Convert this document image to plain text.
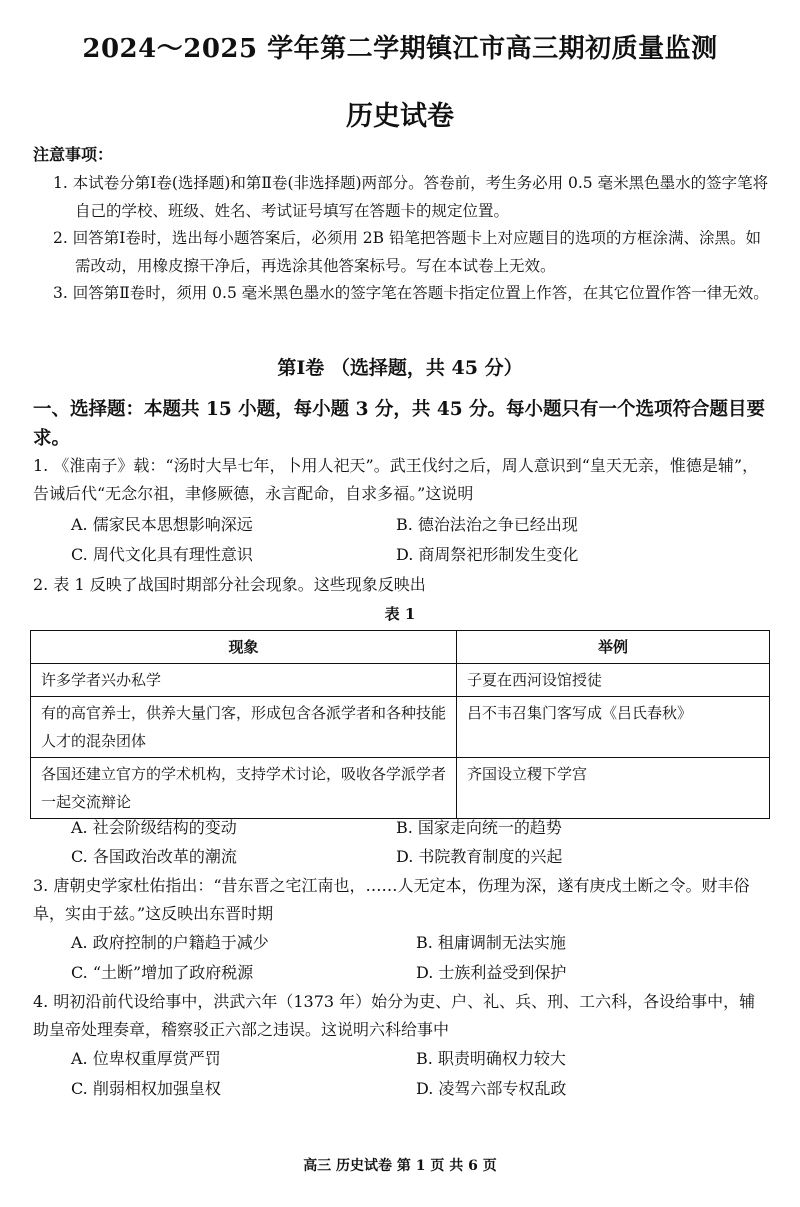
2024～2025 学年第二学期镇江市高三期初质量监测
历史试卷
注意事项：
1. 本试卷分第Ⅰ卷(选择题)和第Ⅱ卷(非选择题)两部分。答卷前，考生务必用 0.5 毫米黑色墨水的签字笔将自己的学校、班级、姓名、考试证号填写在答题卡的规定位置。
2. 回答第Ⅰ卷时，选出每小题答案后，必须用 2B 铅笔把答题卡上对应题目的选项的方框涂满、涂黑。如需改动，用橡皮擦干净后，再选涂其他答案标号。写在本试卷上无效。
3. 回答第Ⅱ卷时，须用 0.5 毫米黑色墨水的签字笔在答题卡指定位置上作答，在其它位置作答一律无效。
第Ⅰ卷 （选择题，共 45 分）
一、选择题：本题共 15 小题，每小题 3 分，共 45 分。每小题只有一个选项符合题目要求。
1. 《淮南子》载：“汤时大旱七年，卜用人祀天”。武王伐纣之后，周人意识到“皇天无亲，惟德是辅”，告诫后代“无念尔祖，聿修厥德，永言配命，自求多福。”这说明
A. 儒家民本思想影响深远	B. 德治法治之争已经出现
C. 周代文化具有理性意识	D. 商周祭祀形制发生变化
2. 表 1 反映了战国时期部分社会现象。这些现象反映出
表 1
现象	举例
许多学者兴办私学	子夏在西河设馆授徒
有的高官养士，供养大量门客，形成包含各派学者和各种技能人才的混杂团体	吕不韦召集门客写成《吕氏春秋》
各国还建立官方的学术机构，支持学术讨论，吸收各学派学者一起交流辩论	齐国设立稷下学宫
A. 社会阶级结构的变动	B. 国家走向统一的趋势
C. 各国政治改革的潮流	D. 书院教育制度的兴起
3. 唐朝史学家杜佑指出：“昔东晋之宅江南也，……人无定本，伤理为深，遂有庚戌土断之令。财丰俗阜，实由于兹。”这反映出东晋时期
A. 政府控制的户籍趋于减少	B. 租庸调制无法实施
C. “土断”增加了政府税源	D. 士族利益受到保护
4. 明初沿前代设给事中，洪武六年（1373 年）始分为吏、户、礼、兵、刑、工六科，各设给事中，辅助皇帝处理奏章，稽察驳正六部之违误。这说明六科给事中
A. 位卑权重厚赏严罚	B. 职责明确权力较大
C. 削弱相权加强皇权	D. 凌驾六部专权乱政
高三 历史试卷 第 1 页 共 6 页
